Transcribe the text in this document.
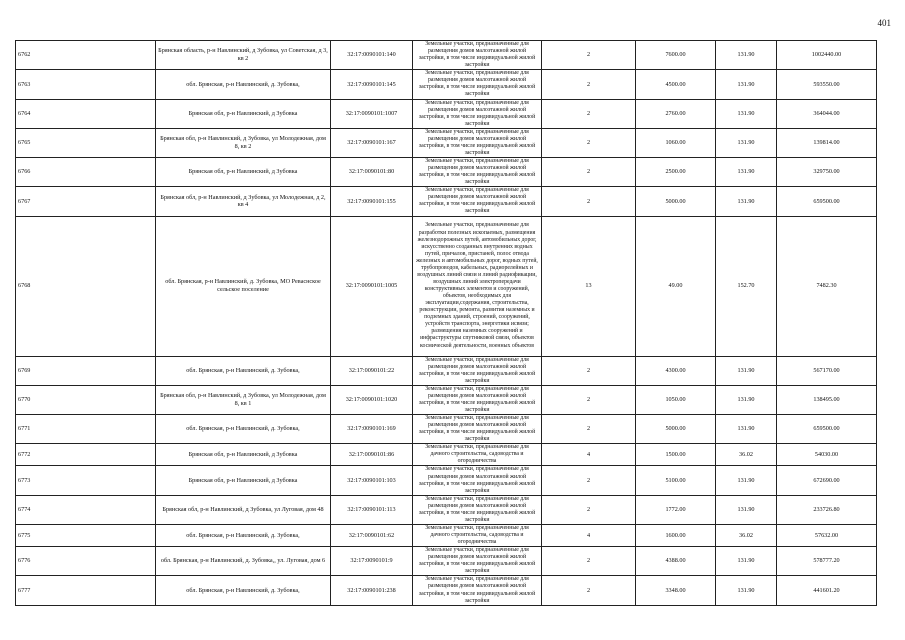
401
6762	Брянская область, р-н Навлинский, д Зубовка, ул Советская, д 3, кв 2	32:17:0090101:140	Земельные участки, предназначенные для размещения домов малоэтажной жилой застройки, в том числе индивидуальной жилой застройки	2	7600.00	131.90	1002440.00
6763	обл. Брянская, р-н Навлинский, д. Зубовка,	32:17:0090101:145	Земельные участки, предназначенные для размещения домов малоэтажной жилой застройки, в том числе индивидуальной жилой застройки	2	4500.00	131.90	593550.00
6764	Брянская обл, р-н Навлинский, д Зубовка	32:17:0090101:1007	Земельные участки, предназначенные для размещения домов малоэтажной жилой застройки, в том числе индивидуальной жилой застройки	2	2760.00	131.90	364044.00
6765	Брянская обл, р-н Навлинский, д Зубовка, ул Молодежная, дом 8, кв 2	32:17:0090101:167	Земельные участки, предназначенные для размещения домов малоэтажной жилой застройки, в том числе индивидуальной жилой застройки	2	1060.00	131.90	139814.00
6766	Брянская обл, р-н Навлинский, д Зубовка	32:17:0090101:80	Земельные участки, предназначенные для размещения домов малоэтажной жилой застройки, в том числе индивидуальной жилой застройки	2	2500.00	131.90	329750.00
6767	Брянская обл, р-н Навлинский, д Зубовка, ул Молодежная, д 2, кв 4	32:17:0090101:155	Земельные участки, предназначенные для размещения домов малоэтажной жилой застройки, в том числе индивидуальной жилой застройки	2	5000.00	131.90	659500.00
6768	обл. Брянская, р-н Навлинский, д. Зубовка, МО Реваснское сельское поселение	32:17:0090101:1005	Земельные участки, предназначенные для разработки полезных ископаемых, размещения железнодорожных путей, автомобильных дорог, искусственно созданных внутренних водных путей, причалов, пристаней, полос отвода железных и автомобильных дорог, водных путей, трубопроводов, кабельных, радиорелейных и воздушных линий связи и линий радиофикации, воздушных линий электропередачи конструктивных элементов и сооружений, объектов, необходимых для эксплуатации,содержания, строительства, реконструкции, ремонта, развития наземных и подземных зданий, строений, сооружений, устройств транспорта, энергетики исвязи; размещения наземных сооружений и инфраструктуры спутниковой связи, объектов космической деятельности, военных объектов	13	49.00	152.70	7482.30
6769	обл. Брянская, р-н Навлинский, д. Зубовка,	32:17:0090101:22	Земельные участки, предназначенные для размещения домов малоэтажной жилой застройки, в том числе индивидуальной жилой застройки	2	4300.00	131.90	567170.00
6770	Брянская обл, р-н Навлинский, д Зубовка, ул Молодежная, дом 8, кв 1	32:17:0090101:1020	Земельные участки, предназначенные для размещения домов малоэтажной жилой застройки, в том числе индивидуальной жилой застройки	2	1050.00	131.90	138495.00
6771	обл. Брянская, р-н Навлинский, д. Зубовка,	32:17:0090101:169	Земельные участки, предназначенные для размещения домов малоэтажной жилой застройки, в том числе индивидуальной жилой застройки	2	5000.00	131.90	659500.00
6772	Брянская обл, р-н Навлинский, д Зубовка	32:17:0090101:86	Земельные участки, предназначенные для дачного строительства, садоводства и огородничества	4	1500.00	36.02	54030.00
6773	Брянская обл, р-н Навлинский, д Зубовка	32:17:0090101:103	Земельные участки, предназначенные для размещения домов малоэтажной жилой застройки, в том числе индивидуальной жилой застройки	2	5100.00	131.90	672690.00
6774	Брянская обл, р-н Навлинский, д Зубовка, ул Луговая, дом 48	32:17:0090101:113	Земельные участки, предназначенные для размещения домов малоэтажной жилой застройки, в том числе индивидуальной жилой застройки	2	1772.00	131.90	233726.80
6775	обл. Брянская, р-н Навлинский, д. Зубовка,	32:17:0090101:62	Земельные участки, предназначенные для дачного строительства, садоводства и огородничества	4	1600.00	36.02	57632.00
6776	обл. Брянская, р-н Навлинский, д. Зубовка,, ул. Луговая, дом 6	32:17:0090101:9	Земельные участки, предназначенные для размещения домов малоэтажной жилой застройки, в том числе индивидуальной жилой застройки	2	4388.00	131.90	578777.20
6777	обл. Брянская, р-н Навлинский, д. Зубовка,	32:17:0090101:238	Земельные участки, предназначенные для размещения домов малоэтажной жилой застройки, в том числе индивидуальной жилой застройки	2	3348.00	131.90	441601.20
